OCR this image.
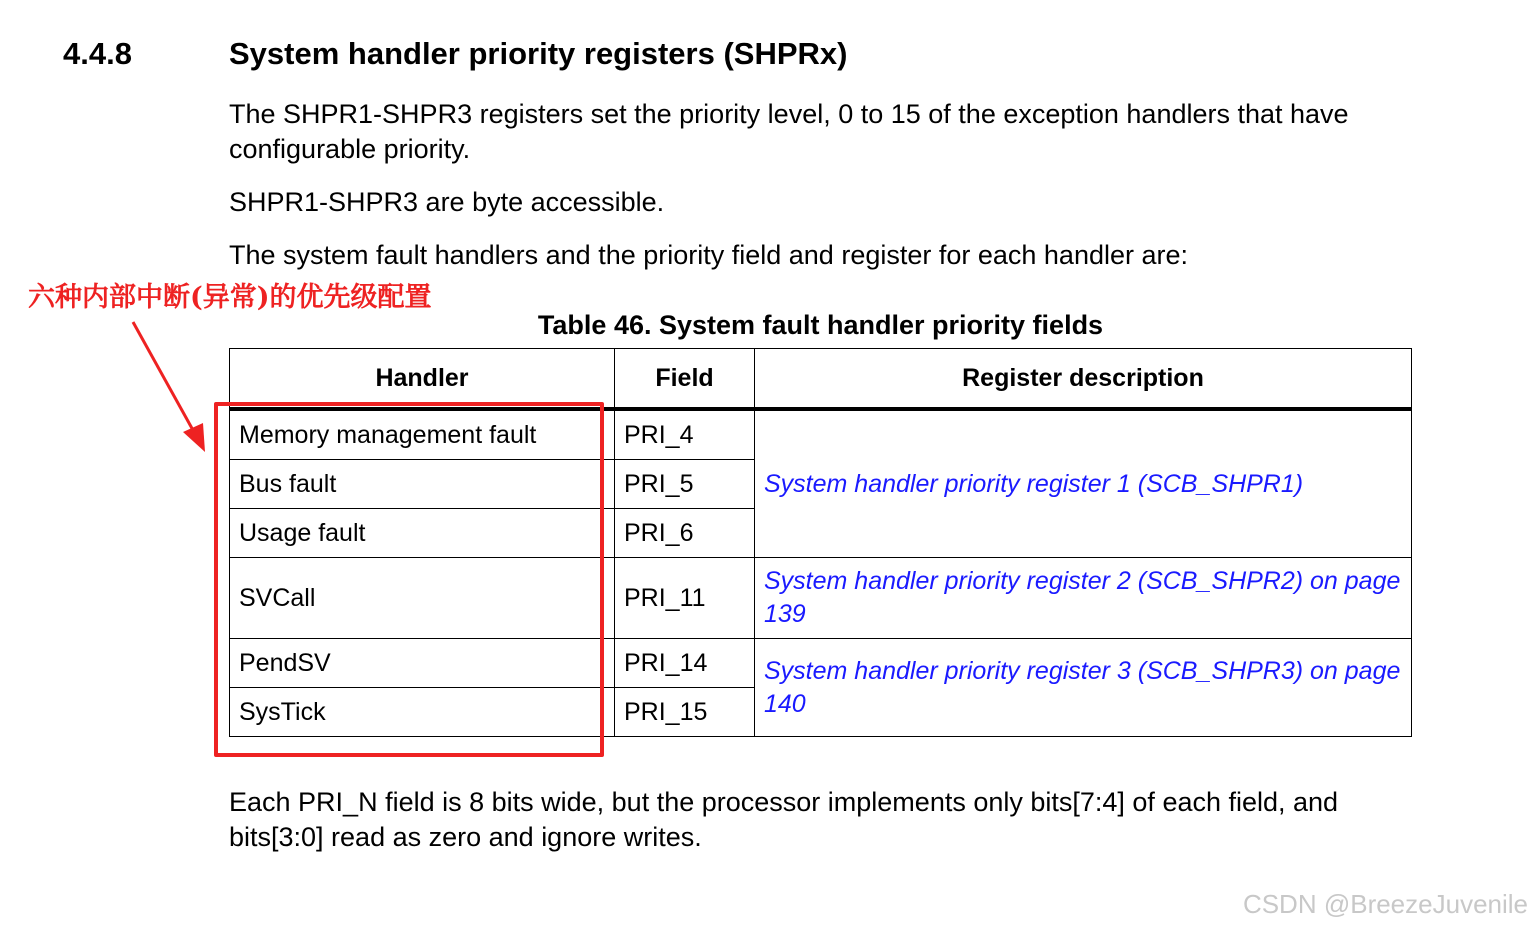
4.4.8	System handler priority registers (SHPRx)
The SHPR1-SHPR3 registers set the priority level, 0 to 15 of the exception handlers that have configurable priority.
SHPR1-SHPR3 are byte accessible.
The system fault handlers and the priority field and register for each handler are:
六种内部中断(异常)的优先级配置
Table 46. System fault handler priority fields
Handler	Field	Register description
Memory management fault	PRI_4	System handler priority register 1 (SCB_SHPR1)
Bus fault	PRI_5	
Usage fault	PRI_6	
SVCall	PRI_11	System handler priority register 2 (SCB_SHPR2) on page 139
PendSV	PRI_14	System handler priority register 3 (SCB_SHPR3) on page 140
SysTick	PRI_15	
Each PRI_N field is 8 bits wide, but the processor implements only bits[7:4] of each field, and bits[3:0] read as zero and ignore writes.
CSDN @BreezeJuvenile
